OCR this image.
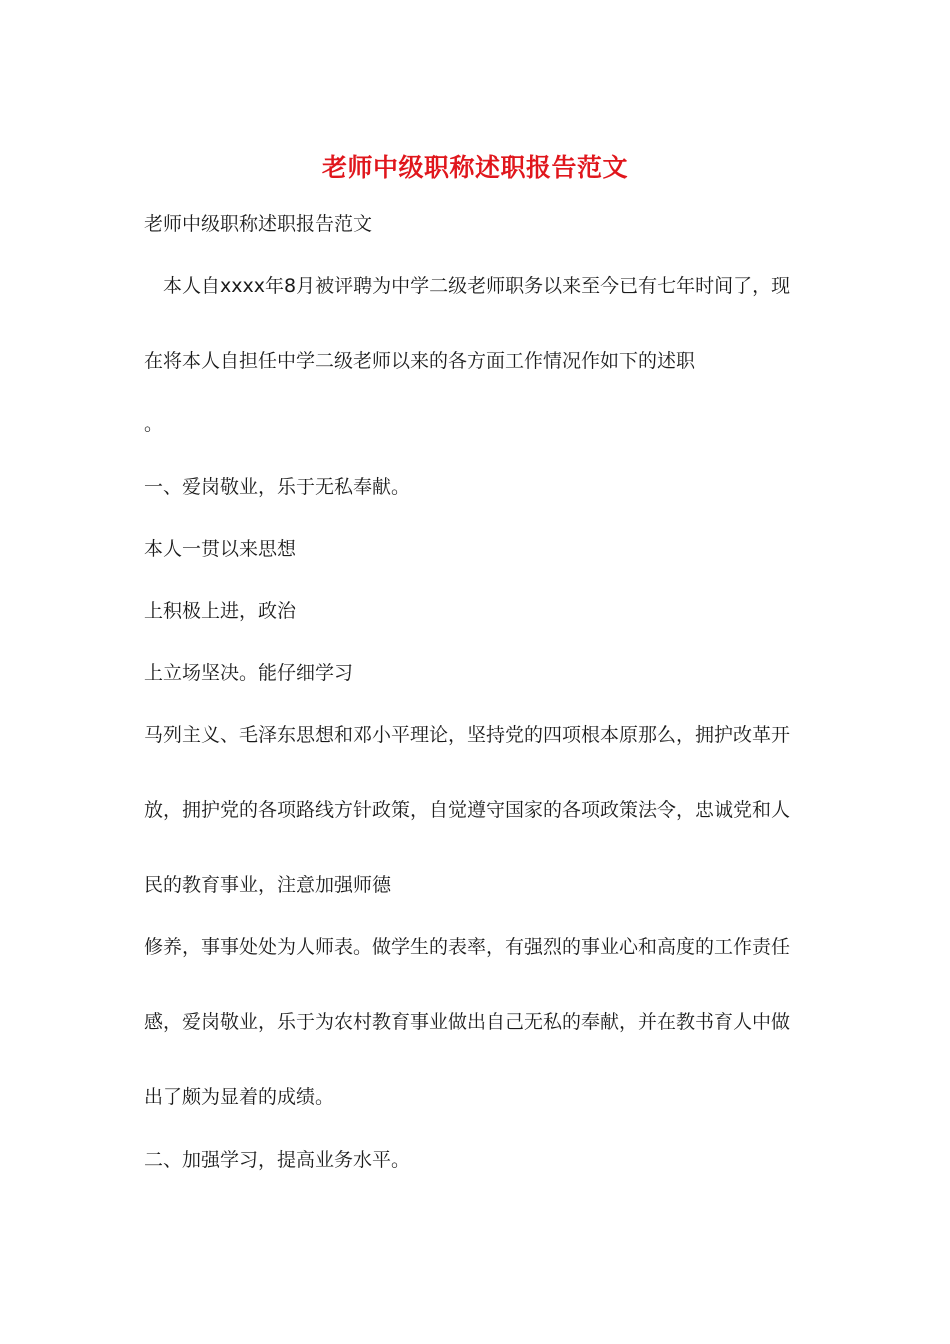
老师中级职称述职报告范文
老师中级职称述职报告范文
　本人自xxxx年8月被评聘为中学二级老师职务以来至今已有七年时间了，现
在将本人自担任中学二级老师以来的各方面工作情况作如下的述职
。
一、爱岗敬业，乐于无私奉献。
本人一贯以来思想
上积极上进，政治
上立场坚决。能仔细学习
马列主义、毛泽东思想和邓小平理论，坚持党的四项根本原那么，拥护改革开
放，拥护党的各项路线方针政策，自觉遵守国家的各项政策法令，忠诚党和人
民的教育事业，注意加强师德
修养，事事处处为人师表。做学生的表率，有强烈的事业心和高度的工作责任
感，爱岗敬业，乐于为农村教育事业做出自己无私的奉献，并在教书育人中做
出了颇为显着的成绩。
二、加强学习，提高业务水平。
